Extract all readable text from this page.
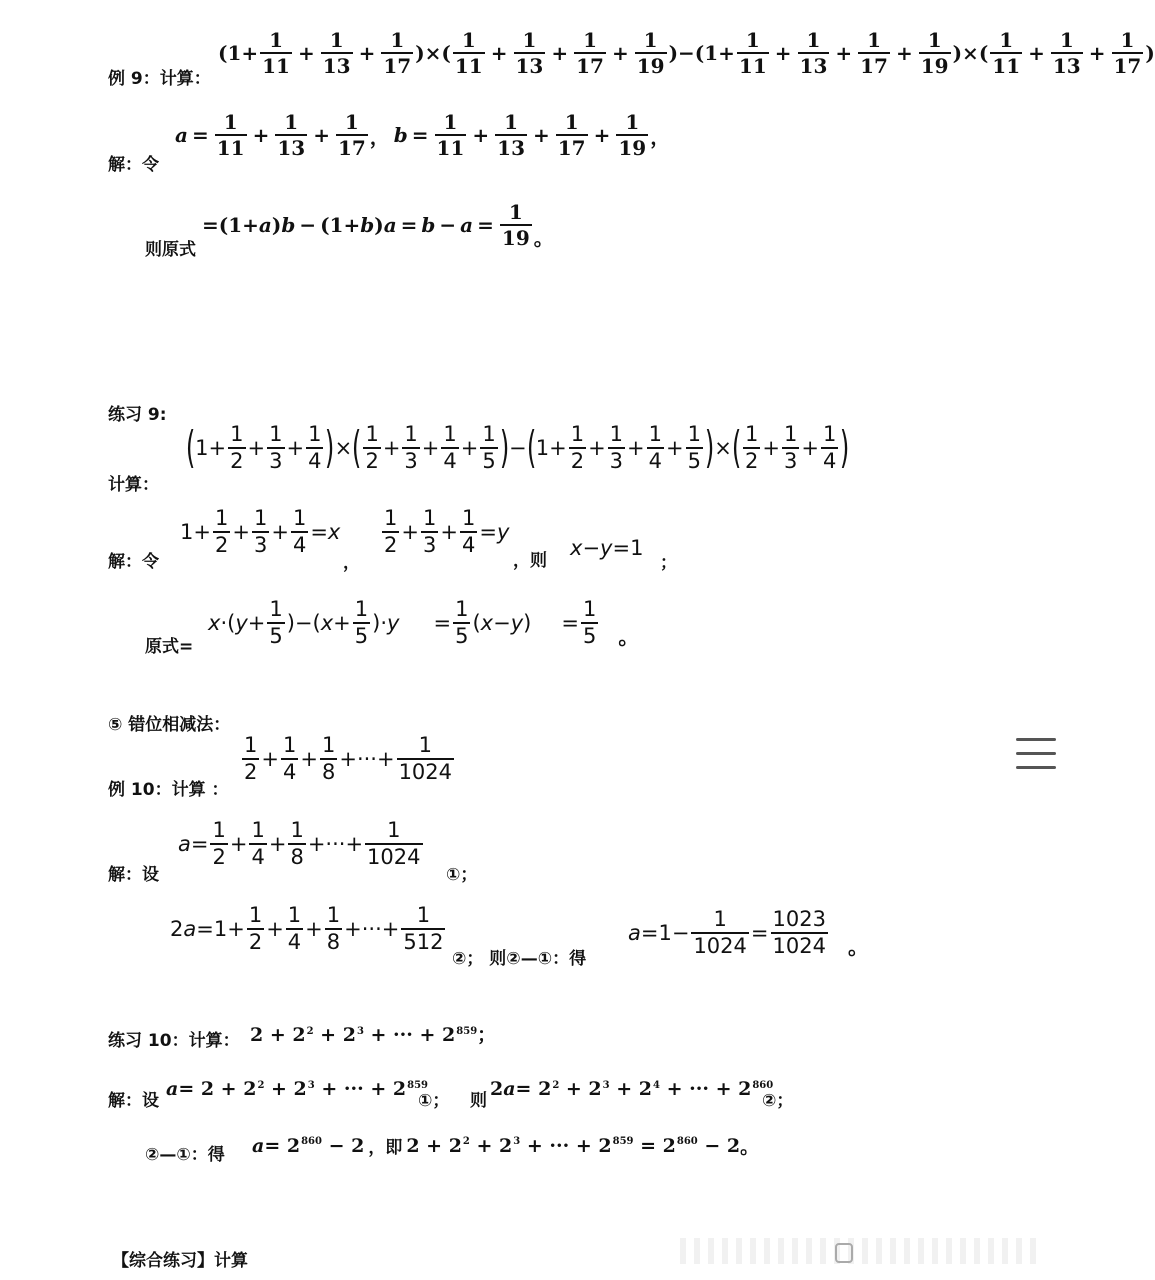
例 9：计算：
($1+ \frac{1}{11} + \frac{1}{13} + \frac{1}{17}$ )×( $\frac{1}{11} + \frac{1}{13} + \frac{1}{17} + \frac{1}{19} )-(1+ \frac{1}{11} + \frac{1}{13} + \frac{1}{17} + \frac{1}{19}$ )×( $\frac{1}{11} + \frac{1}{13} + \frac{1}{17}$ )
解：令
$a = \frac{1}{11} + \frac{1}{13} + \frac{1}{17}$ ， $b = \frac{1}{11} + \frac{1}{13} + \frac{1}{17} + \frac{1}{19}$ ，
则原式
=(1+ a ) b − (1+ b ) $a = b - a = \frac{1}{19}$ 。
练习 9:
计算：
( $1+ \frac{1}{2} + \frac{1}{3} + \frac{1}{4}$ ) × ( $\frac{1}{2} + \frac{1}{3} + \frac{1}{4} + \frac{1}{5}$ ) − ( $1+ \frac{1}{2} + \frac{1}{3} + \frac{1}{4} + \frac{1}{5}$ ) × ( $\frac{1}{2} + \frac{1}{3} + \frac{1}{4}$ )
解：令
$1+ \frac{1}{2} + \frac{1}{3} + \frac{1}{4} = x$
，
$\frac{1}{2} + \frac{1}{3} + \frac{1}{4} = y$
，则
x − y =1
；
原式=
x ·( $y + \frac{1}{5}$ )−( $x + \frac{1}{5}$ )· $y = \frac{1}{5}$ ( x − y ) = $\frac{1}{5}$ 。
⑤ 错位相减法：
例 10：计算 ：
$\frac{1}{2} + \frac{1}{4} + \frac{1}{8}$ +···+ $\frac{1}{1024}$
解：设
$a = \frac{1}{2} + \frac{1}{4} + \frac{1}{8}$ +···+ $\frac{1}{1024}$
①；
2 $a =1+ \frac{1}{2} + \frac{1}{4} + \frac{1}{8}$ +···+ $\frac{1}{512}$
②； 则②—①：得
$a =1- \frac{1}{1024} = \frac{1023}{1024}$ 。
练习 10：计算： $2 + 2^2 + 2^3$ + ··· + $2^{859}$；
解：设
$a = 2 + 2^2 + 2^3$ + ··· + $2^{859}$
①； 则
2 $a = 2^2 + 2^3 + 2^4$ + ··· + $2^{860}$
②；
②—①：得 $a = 2^{860} - 2$ ，即 $2 + 2^2 + 2^3$ + ··· + $2^{859} = 2^{860} - 2$ 。
【综合练习】计算
